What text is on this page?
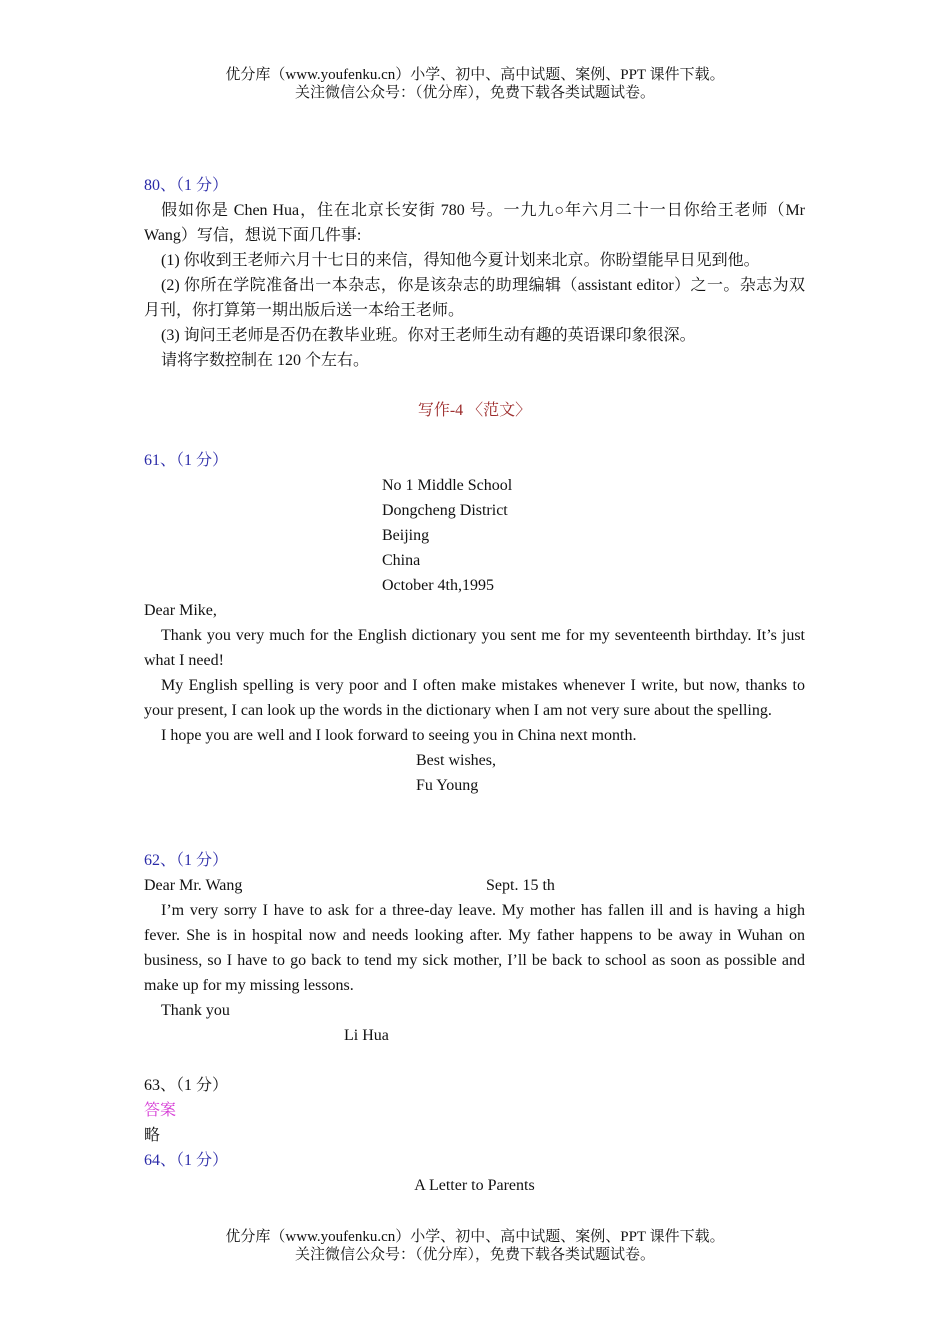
优分库（www.youfenku.cn）小学、初中、高中试题、案例、PPT 课件下载。
关注微信公众号：（优分库），免费下载各类试题试卷。

80、（1 分）

假如你是 Chen Hua，住在北京长安街 780 号。一九九○年六月二十一日你给王老师（Mr Wang）写信，想说下面几件事:

(1) 你收到王老师六月十七日的来信，得知他今夏计划来北京。你盼望能早日见到他。

(2) 你所在学院准备出一本杂志，你是该杂志的助理编辑（assistant editor）之一。杂志为双月刊，你打算第一期出版后送一本给王老师。

(3) 询问王老师是否仍在教毕业班。你对王老师生动有趣的英语课印象很深。

请将字数控制在 120 个左右。

写作-4 〈范文〉

61、（1 分）

No 1 Middle School

Dongcheng District

Beijing

China

October 4th,1995

Dear Mike,

Thank you very much for the English dictionary you sent me for my seventeenth birthday. It’s just what I need!

My English spelling is very poor and I often make mistakes whenever I write, but now, thanks to your present, I can look up the words in the dictionary when I am not very sure about the spelling.

I hope you are well and I look forward to seeing you in China next month.

Best wishes,

Fu Young

62、（1 分）

Dear Mr. Wang	Sept. 15 th

I’m very sorry I have to ask for a three-day leave. My mother has fallen ill and is having a high fever. She is in hospital now and needs looking after. My father happens to be away in Wuhan on business, so I have to go back to tend my sick mother, I’ll be back to school as soon as possible and make up for my missing lessons.

Thank you

Li Hua

63、（1 分）

答案

略

64、（1 分）

A Letter to Parents

优分库（www.youfenku.cn）小学、初中、高中试题、案例、PPT 课件下载。
关注微信公众号：（优分库），免费下载各类试题试卷。
